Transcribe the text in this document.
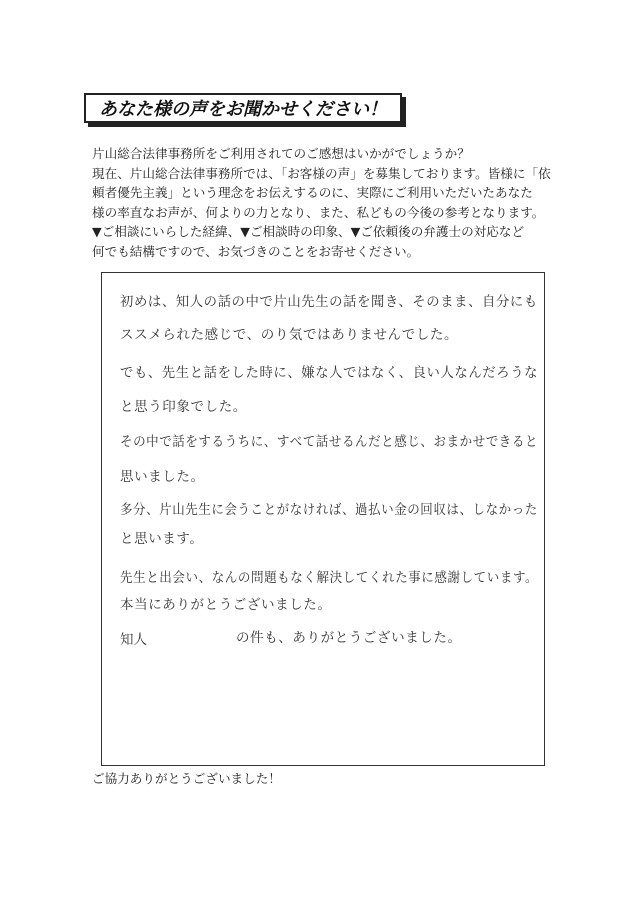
あなた様の声をお聞かせください！
片山総合法律事務所をご利用されてのご感想はいかがでしょうか？
現在、片山総合法律事務所では、「お客様の声」を募集しております。皆様に「依
頼者優先主義」という理念をお伝えするのに、実際にご利用いただいたあなた
様の率直なお声が、何よりの力となり、また、私どもの今後の参考となります。
▼ご相談にいらした経緯、▼ご相談時の印象、▼ご依頼後の弁護士の対応など
何でも結構ですので、お気づきのことをお寄せください。
初めは、知人の話の中で片山先生の話を聞き、そのまま、自分にも
ススメられた感じで、のり気ではありませんでした。
でも、先生と話をした時に、嫌な人ではなく、良い人なんだろうな
と思う印象でした。
その中で話をするうちに、すべて話せるんだと感じ、おまかせできると
思いました。
多分、片山先生に会うことがなければ、過払い金の回収は、しなかった
と思います。
先生と出会い、なんの問題もなく解決してくれた事に感謝しています。
本当にありがとうございました。
知人	の件も、ありがとうございました。
ご協力ありがとうございました！
